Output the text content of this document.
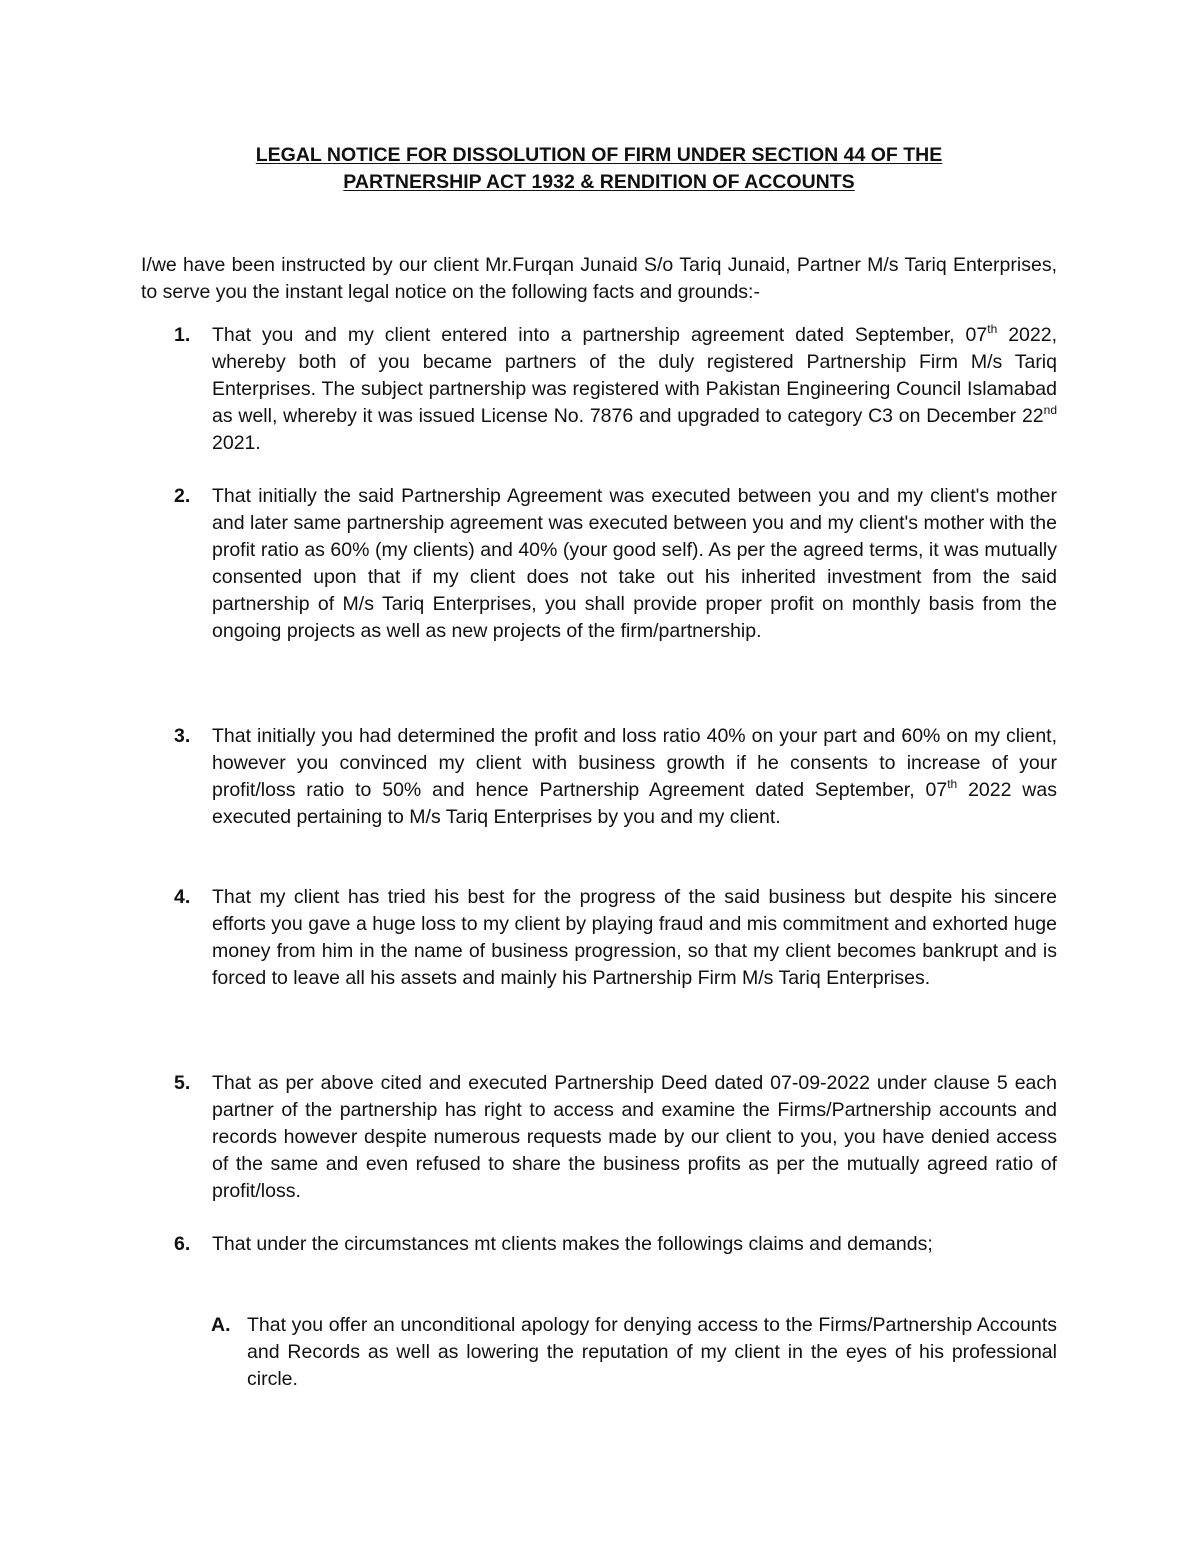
LEGAL NOTICE FOR DISSOLUTION OF FIRM UNDER SECTION 44 OF THE
PARTNERSHIP ACT 1932 & RENDITION OF ACCOUNTS
I/we have been instructed by our client Mr.Furqan Junaid S/o Tariq Junaid, Partner M/s Tariq Enterprises, to serve you the instant legal notice on the following facts and grounds:-
1. That you and my client entered into a partnership agreement dated September, 07th 2022, whereby both of you became partners of the duly registered Partnership Firm M/s Tariq Enterprises. The subject partnership was registered with Pakistan Engineering Council Islamabad as well, whereby it was issued License No. 7876 and upgraded to category C3 on December 22nd 2021.
2. That initially the said Partnership Agreement was executed between you and my client's mother and later same partnership agreement was executed between you and my client's mother with the profit ratio as 60% (my clients) and 40% (your good self). As per the agreed terms, it was mutually consented upon that if my client does not take out his inherited investment from the said partnership of M/s Tariq Enterprises, you shall provide proper profit on monthly basis from the ongoing projects as well as new projects of the firm/partnership.
3. That initially you had determined the profit and loss ratio 40% on your part and 60% on my client, however you convinced my client with business growth if he consents to increase of your profit/loss ratio to 50% and hence Partnership Agreement dated September, 07th 2022 was executed pertaining to M/s Tariq Enterprises by you and my client.
4. That my client has tried his best for the progress of the said business but despite his sincere efforts you gave a huge loss to my client by playing fraud and mis commitment and exhorted huge money from him in the name of business progression, so that my client becomes bankrupt and is forced to leave all his assets and mainly his Partnership Firm M/s Tariq Enterprises.
5. That as per above cited and executed Partnership Deed dated 07-09-2022 under clause 5 each partner of the partnership has right to access and examine the Firms/Partnership accounts and records however despite numerous requests made by our client to you, you have denied access of the same and even refused to share the business profits as per the mutually agreed ratio of profit/loss.
6. That under the circumstances mt clients makes the followings claims and demands;
A. That you offer an unconditional apology for denying access to the Firms/Partnership Accounts and Records as well as lowering the reputation of my client in the eyes of his professional circle.
